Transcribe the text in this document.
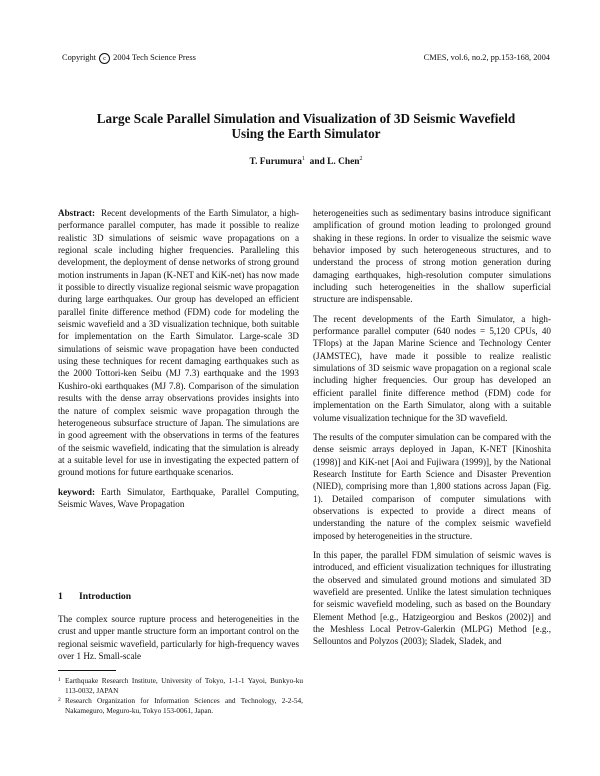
Copyright c 2004 Tech Science Press	CMES, vol.6, no.2, pp.153-168, 2004
Large Scale Parallel Simulation and Visualization of 3D Seismic Wavefield
Using the Earth Simulator
T. Furumura$^1$ and L. Chen$^2$

Abstract: Recent developments of the Earth Simulator, a high-performance parallel computer, has made it possible to realize realistic 3D simulations of seismic wave propagations on a regional scale including higher frequencies. Paralleling this development, the deployment of dense networks of strong ground motion instruments in Japan (K-NET and KiK-net) has now made it possible to directly visualize regional seismic wave propagation during large earthquakes. Our group has developed an efficient parallel finite difference method (FDM) code for modeling the seismic wavefield and a 3D visualization technique, both suitable for implementation on the Earth Simulator. Large-scale 3D simulations of seismic wave propagation have been conducted using these techniques for recent damaging earthquakes such as the 2000 Tottori-ken Seibu (MJ 7.3) earthquake and the 1993 Kushiro-oki earthquakes (MJ 7.8). Comparison of the simulation results with the dense array observations provides insights into the nature of complex seismic wave propagation through the heterogeneous subsurface structure of Japan. The simulations are in good agreement with the observations in terms of the features of the seismic wavefield, indicating that the simulation is already at a suitable level for use in investigating the expected pattern of ground motions for future earthquake scenarios.

keyword: Earth Simulator, Earthquake, Parallel Computing, Seismic Waves, Wave Propagation

1 Introduction
The complex source rupture process and heterogeneities in the crust and upper mantle structure form an important control on the regional seismic wavefield, particularly for high-frequency waves over 1 Hz. Small-scale
1 Earthquake Research Institute, University of Tokyo, 1-1-1 Yayoi, Bunkyo-ku 113-0032, JAPAN
2 Research Organization for Information Sciences and Technology, 2-2-54, Nakameguro, Meguro-ku, Tokyo 153-0061, Japan.

heterogeneities such as sedimentary basins introduce significant amplification of ground motion leading to prolonged ground shaking in these regions. In order to visualize the seismic wave behavior imposed by such heterogeneous structures, and to understand the process of strong motion generation during damaging earthquakes, high-resolution computer simulations including such heterogeneities in the shallow superficial structure are indispensable.

The recent developments of the Earth Simulator, a high-performance parallel computer (640 nodes = 5,120 CPUs, 40 TFlops) at the Japan Marine Science and Technology Center (JAMSTEC), have made it possible to realize realistic simulations of 3D seismic wave propagation on a regional scale including higher frequencies. Our group has developed an efficient parallel finite difference method (FDM) code for implementation on the Earth Simulator, along with a suitable volume visualization technique for the 3D wavefield.

The results of the computer simulation can be compared with the dense seismic arrays deployed in Japan, K-NET [Kinoshita (1998)] and KiK-net [Aoi and Fujiwara (1999)], by the National Research Institute for Earth Science and Disaster Prevention (NIED), comprising more than 1,800 stations across Japan (Fig. 1). Detailed comparison of computer simulations with observations is expected to provide a direct means of understanding the nature of the complex seismic wavefield imposed by heterogeneities in the structure.

In this paper, the parallel FDM simulation of seismic waves is introduced, and efficient visualization techniques for illustrating the observed and simulated ground motions and simulated 3D wavefield are presented. Unlike the latest simulation techniques for seismic wavefield modeling, such as based on the Boundary Element Method [e.g., Hatzigeorgiou and Beskos (2002)] and the Meshless Local Petrov-Galerkin (MLPG) Method [e.g., Sellountos and Polyzos (2003); Sladek, Sladek, and
